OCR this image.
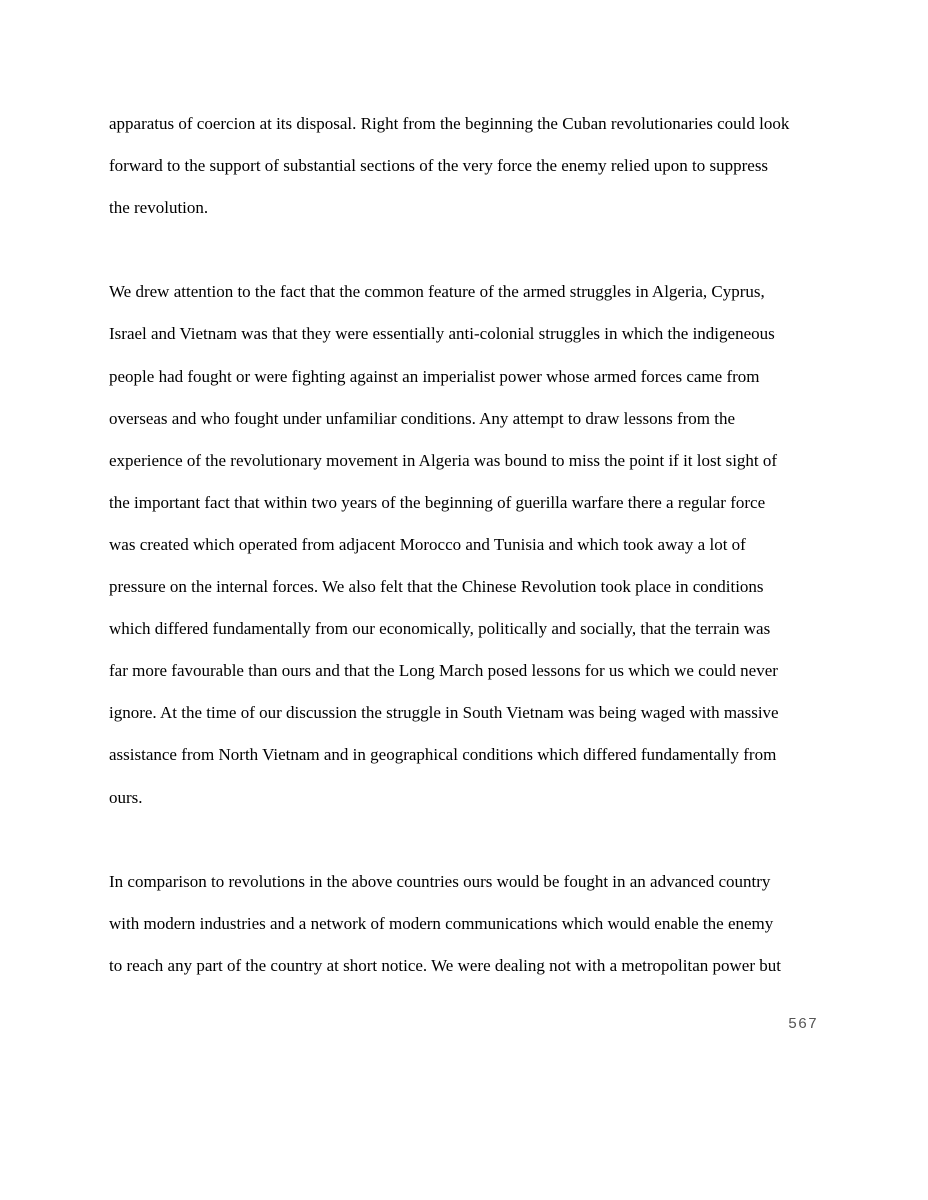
apparatus of coercion at its disposal. Right from the beginning the Cuban revolutionaries could look
forward to the support of substantial sections of the very force the enemy relied upon to suppress
the revolution.
We drew attention to the fact that the common feature of the armed struggles in Algeria, Cyprus,
Israel and Vietnam was that they were essentially anti-colonial struggles in which the indigeneous
people had fought or were fighting against an imperialist power whose armed forces came from
overseas and who fought under unfamiliar conditions. Any attempt to draw lessons from the
experience of the revolutionary movement in Algeria was bound to miss the point if it lost sight of
the important fact that within two years of the beginning of guerilla warfare there a regular force
was created which operated from adjacent Morocco and Tunisia and which took away a lot of
pressure on the internal forces. We also felt that the Chinese Revolution took place in conditions
which differed fundamentally from our economically, politically and socially, that the terrain was
far more favourable than ours and that the Long March posed lessons for us which we could never
ignore. At the time of our discussion the struggle in South Vietnam was being waged with massive
assistance from North Vietnam and in geographical conditions which differed fundamentally from
ours.
In comparison to revolutions in the above countries ours would be fought in an advanced country
with modern industries and a network of modern communications which would enable the enemy
to reach any part of the country at short notice. We were dealing not with a metropolitan power but
567
